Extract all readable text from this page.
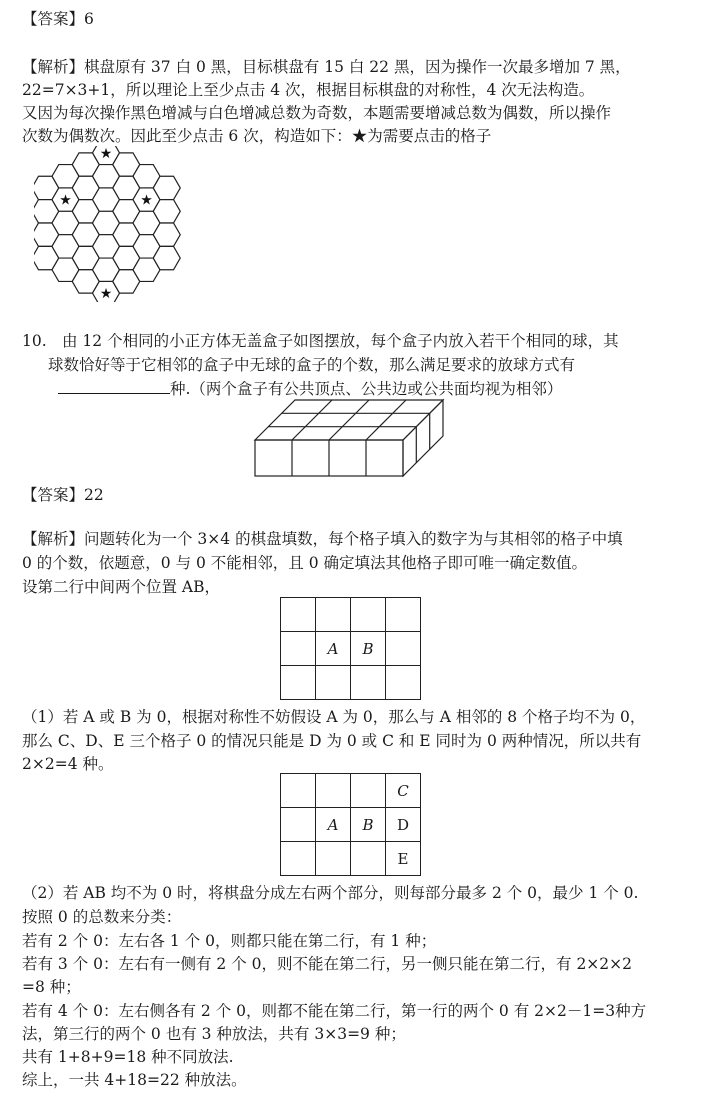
【答案】6
【解析】棋盘原有 37 白 0 黑，目标棋盘有 15 白 22 黑，因为操作一次最多增加 7 黑，
22=7×3+1，所以理论上至少点击 4 次，根据目标棋盘的对称性，4 次无法构造。
又因为每次操作黑色增减与白色增减总数为奇数，本题需要增减总数为偶数，所以操作
次数为偶数次。因此至少点击 6 次，构造如下：★为需要点击的格子
★
★
★
★
10. 由 12 个相同的小正方体无盖盒子如图摆放，每个盒子内放入若干个相同的球，其
球数恰好等于它相邻的盒子中无球的盒子的个数，那么满足要求的放球方式有
种.（两个盒子有公共顶点、公共边或公共面均视为相邻）
【答案】22
【解析】问题转化为一个 3×4 的棋盘填数，每个格子填入的数字为与其相邻的格子中填
0 的个数，依题意，0 与 0 不能相邻，且 0 确定填法其他格子即可唯一确定数值。
设第二行中间两个位置 AB，

	A	B	

（1）若 A 或 B 为 0，根据对称性不妨假设 A 为 0，那么与 A 相邻的 8 个格子均不为 0，
那么 C、D、E 三个格子 0 的情况只能是 D 为 0 或 C 和 E 同时为 0 两种情况，所以共有
2×2=4 种。
			C
	A	B	D
			E
（2）若 AB 均不为 0 时，将棋盘分成左右两个部分，则每部分最多 2 个 0，最少 1 个 0.
按照 0 的总数来分类：
若有 2 个 0：左右各 1 个 0，则都只能在第二行，有 1 种；
若有 3 个 0：左右有一侧有 2 个 0，则不能在第二行，另一侧只能在第二行，有 2×2×2
=8 种；
若有 4 个 0：左右侧各有 2 个 0，则都不能在第二行，第一行的两个 0 有 2×2－1=3种方
法，第三行的两个 0 也有 3 种放法，共有 3×3=9 种；
共有 1+8+9=18 种不同放法.
综上，一共 4+18=22 种放法。
